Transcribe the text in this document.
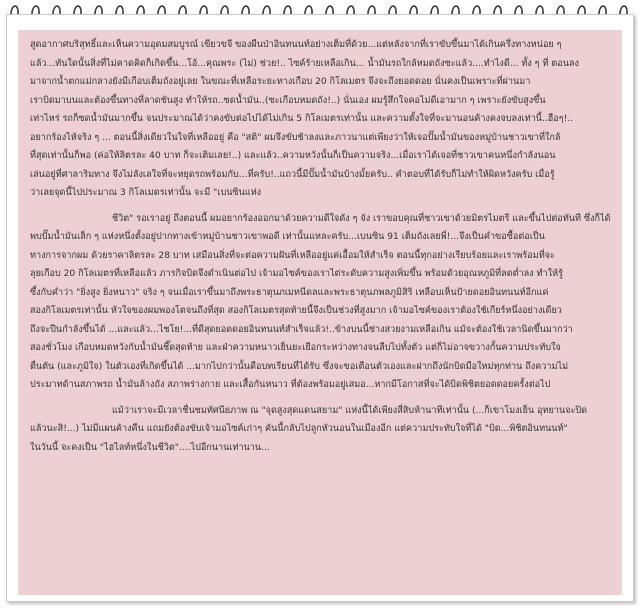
สูดอากาศบริสุทธิ์และเห็นความอุดมสมบูรณ์ เขียวขจี ของผืนป่าอินทนนท์อย่างเต็มที่ด้วย...แต่หลังจากที่เราขับขึ้นมาได้เกินครึ่งทางหน่อย ๆ
แล้ว...ทันใดนั้นสิ่งที่ไม่คาดคิดก็เกิดขึ้น...โอ้...คุณพระ (ไม่) ช่วย!.. ไซค์ร้ายเหลือเกิน... น้ำมันรถใกล้หมดถังซะแล้ว....ทำไงดี... ทั้ง ๆ ที่ ตอนลง
มาจากน้ำตกแม่กลางยังมีเกือบเต็มถังอยู่เลย ในขณะที่เหลือระยะทางเกือบ 20 กิโลเมตร จึงจะถึงยอดดอย นั่นคงเป็นเพราะที่ผ่านมา
เราบิดมาบนและต้องขึ้นทางที่ลาดชันสูง ทำให้รถ..ซดน้ำมัน..(ซะเกือบหมดถัง!..) นั่นเอง ผมรู้สึกใจคอไม่ดีเอามาก ๆ เพราะยังขับสูงขึ้น
เท่าไหร่ รถก็ซดน้ำมันมากขึ้น จนประมาณได้ว่าคงขับต่อไปได้ไม่เกิน 5 กิโลเมตรเท่านั้น และความตั้งใจที่จะมานอนค้างคงจบลงเท่านี้..ฮือๆ!..
อยากร้องไห้จริง ๆ ... ตอนนี้สิ่งเดียวในใจที่เหลืออยู่ คือ "สติ" ผมจึงขับช้าลงและภาวนาแต่เพียงว่าให้เจอปั๊มน้ำมันของหมู่บ้านชาวเขาที่ใกล้
ที่สุดเท่านั้นก็พอ (ค่อให้ลิตรละ 40 บาท ก็จะเติมเลย!..) และแล้ว..ความหวังนั้นก็เป็นความจริง...เมื่อเราได้เจอที่ชาวเขาคนหนึ่งกำลังนอน
เล่นอยู่ที่ศาลาริมทาง จึงไม่ลังเลใจที่จะหยุดรถพร้อมกับ...ที่ครับ!..แถวนี้มีปั๊มน้ำมันบ้างมั้ยครับ.. คำตอบที่ได้รับก็ไม่ทำให้ผิดหวังครับ เมื่อรู้
ว่าเลยจุดนี้ไปประมาณ 3 กิโลเมตรเท่านั้น จะมี "เบนซินแห่ง

ชีวิต" รอเราอยู่ ถึงตอนนี้ ผมอยากร้องออกมาด้วยความดีใจดัง ๆ จัง เราขอบคุณที่ชาวเขาด้วยมิตรไมตรี และขึ้นไปต่อทันที ซึ่งก็ได้
พบปั๊มน้ำมันเล็ก ๆ แห่งหนึ่งตั้งอยู่ปากทางเข้าหมู่บ้านชาวเขาพอดี เท่านั้นแหละครับ...เบนซิน 91 เต็มถังเลยพี่!...จึงเป็นคำขอซื้อต่อเป็น
ทางการจากผม ด้วยราคาลิตรละ 28 บาท เสมือนสิ่งที่จะต่อความฝันที่เหลืออยู่แค่เอื้อมให้สำเร็จ ตอนนี้ทุกอย่างเรียบร้อยและเราพร้อมที่จะ
ลุยเกือบ 20 กิโลเมตรที่เหลือแล้ว ภารกิจบิดจึงดำเนินต่อไป เจ้ามอไซค์ของเราไต่ระดับความสูงเพิ่มขึ้น พร้อมด้วยอุณหภูมิที่ลดต่ำลง ทำให้รู้
ซึ้งกับคำว่า "ยิ่งสูง ยิ่งหนาว" จริง ๆ จนเมื่อเราขึ้นมาถึงพระธาตุนภเมทนีดลและพระธาตุนภพลภูมิสิริ เหลือบเห็นป้ายดอยอินทนนท์อีกแค่
สองกิโลเมตรเท่านั้น หัวใจของผมพองโตจนถึงที่สุด สองกิโลเมตรสุดท้ายนี้จึงเป็นช่วงที่สูงมาก เจ้ามอไซค์ของเราต้องใช้เกียร์หนึ่งอย่างเดียว
ถึงจะปีนกำลังขึ้นได้ ...และแล้ว...ไชโย!...ที่ดีสุดยอดดอยอินทนนท์สำเร็จแล้ว!..ข้างบนนี้ช่างสวยงามเหลือเกิน แม้จะต้องใช้เวลานิดขึ้นมากว่า
สองชั่วโมง เกือบหมดหวังกับน้ำมันชี๊ดสุดท้าย และฝ่าความหนาวเย็นยะเยือกระหว่างทางจนลืบไปทั้งตัว แต่ก็ไม่อาจขวางกั้นความประทับใจ
ตื่นตัน (และภูมิใจ) ในตัวเองที่เกิดขึ้นได้ ...มากไปกว่านั้นคือบทเรียนที่ได้รับ ซึ่งจะขอเตือนตัวเองและฝากถึงนักบิดมือใหม่ทุกท่าน ถึงความไม่
ประมาทด้านสภาพรถ น้ำมันล้างถัง สภาพร่างกาย และเสื้อกันหนาว ที่ต้องพร้อมอยู่เสมอ...หากมีโอกาสที่จะได้บิดพิชิตยอดดอยครั้งต่อไป

แม้ว่าเราจะมีเวลาชื่นชมทัศนียภาพ ณ "จุดสูงสุดแดนสยาม" แห่งนี้ได้เพียงสี่สิบห้านาทีเท่านั้น (...ก็เขาโมงเย็น อุทยานจะปิด
แล้วนะสิ!...) ไม่มีแผนค้างคืน แถมยังต้องขับเจ้ามอไซค์เก่าๆ คันนี้กลับไปลูกหัวนอนในเมืองอีก แต่ความประทับใจที่ได้ "บิด...พิชิตอินทนนท์"
ในวันนี้ จะคงเป็น "ไฮไลท์หนึ่งในชีวิต"....ไปอีกนานเท่านาน...
